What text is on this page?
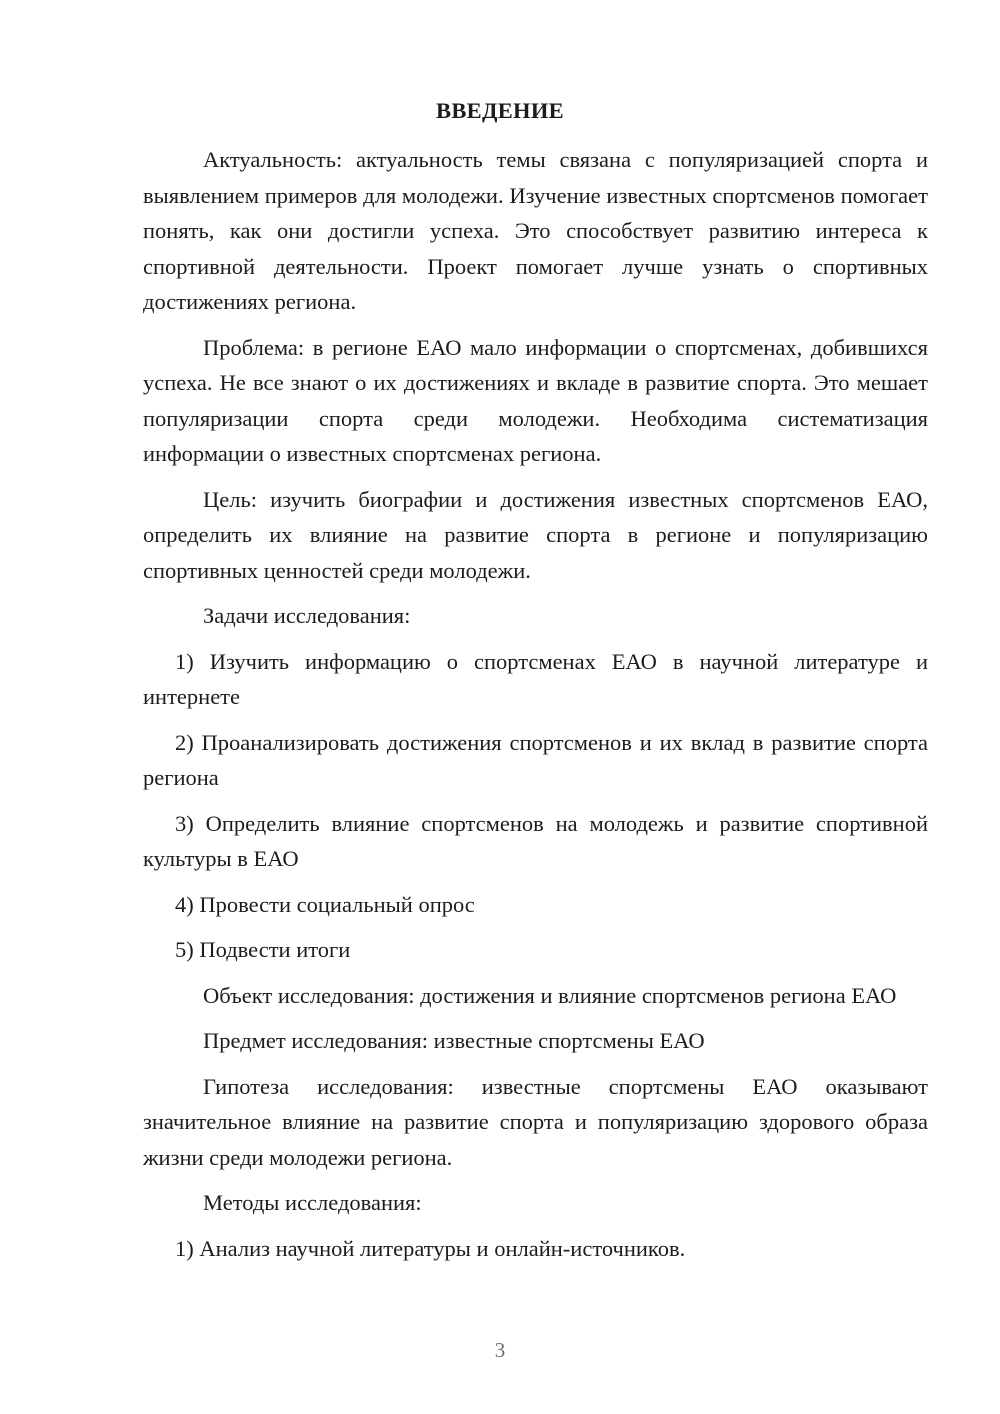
ВВЕДЕНИЕ

Актуальность: актуальность темы связана с популяризацией спорта и выявлением примеров для молодежи. Изучение известных спортсменов помогает понять, как они достигли успеха. Это способствует развитию интереса к спортивной деятельности. Проект помогает лучше узнать о спортивных достижениях региона.

Проблема: в регионе ЕАО мало информации о спортсменах, добившихся успеха. Не все знают о их достижениях и вкладе в развитие спорта. Это мешает популяризации спорта среди молодежи. Необходима систематизация информации о известных спортсменах региона.

Цель: изучить биографии и достижения известных спортсменов ЕАО, определить их влияние на развитие спорта в регионе и популяризацию спортивных ценностей среди молодежи.

Задачи исследования:

1) Изучить информацию о спортсменах ЕАО в научной литературе и интернете

2) Проанализировать достижения спортсменов и их вклад в развитие спорта региона

3) Определить влияние спортсменов на молодежь и развитие спортивной культуры в ЕАО

4) Провести социальный опрос

5) Подвести итоги

Объект исследования: достижения и влияние спортсменов региона ЕАО

Предмет исследования: известные спортсмены ЕАО

Гипотеза исследования: известные спортсмены ЕАО оказывают значительное влияние на развитие спорта и популяризацию здорового образа жизни среди молодежи региона.

Методы исследования:

1) Анализ научной литературы и онлайн-источников.

3
